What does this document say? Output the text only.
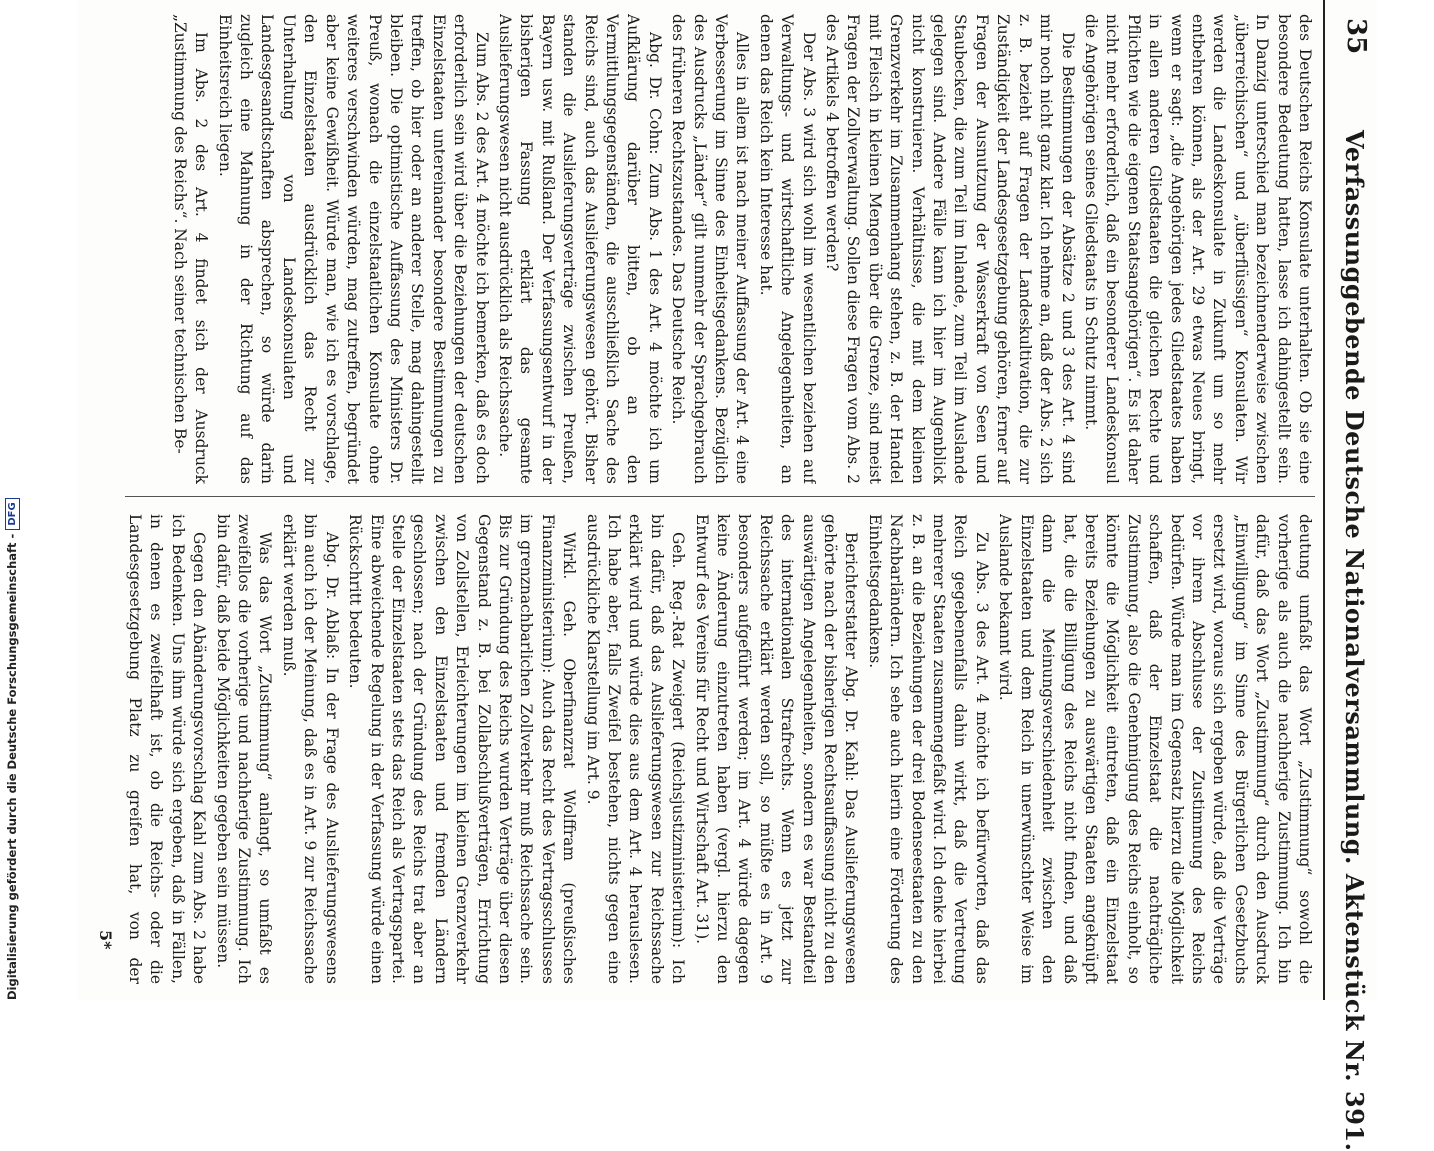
35
Verfassunggebende Deutsche Nationalversammlung. Aktenstück Nr. 391.

des Deutschen Reichs Konsulate unterhalten. Ob sie eine besondere Bedeutung hatten, lasse ich dahingestellt sein. In Danzig unterschied man bezeichnenderweise zwischen „überreichischen“ und „überflüssigen“ Konsulaten. Wir werden die Landeskonsulate in Zukunft um so mehr entbehren können, als der Art. 29 etwas Neues bringt, wenn er sagt: „die Angehörigen jedes Gliedstaates haben in allen anderen Gliedstaaten die gleichen Rechte und Pflichten wie die eigenen Staatsangehörigen“. Es ist daher nicht mehr erforderlich, daß ein besonderer Landeskonsul die Angehörigen seines Gliedstaats in Schutz nimmt.

Die Bestimmungen der Absätze 2 und 3 des Art. 4 sind mir noch nicht ganz klar. Ich nehme an, daß der Abs. 2 sich z. B. bezieht auf Fragen der Landeskultivation, die zur Zuständigkeit der Landesgesetzgebung gehören, ferner auf Fragen der Ausnutzung der Wasserkraft von Seen und Staubecken, die zum Teil im Inlande, zum Teil im Auslande gelegen sind. Andere Fälle kann ich hier im Augenblick nicht konstruieren. Verhältnisse, die mit dem kleinen Grenzverkehr im Zusammenhang stehen, z. B. der Handel mit Fleisch in kleinen Mengen über die Grenze, sind meist Fragen der Zollverwaltung. Sollen diese Fragen vom Abs. 2 des Artikels 4 betroffen werden?

Der Abs. 3 wird sich wohl im wesentlichen beziehen auf Verwaltungs- und wirtschaftliche Angelegenheiten, an denen das Reich kein Interesse hat.

Alles in allem ist nach meiner Auffassung der Art. 4 eine Verbesserung im Sinne des Einheitsgedankens. Bezüglich des Ausdrucks „Länder“ gilt nunmehr der Sprachgebrauch des früheren Rechtszustandes. Das Deutsche Reich.

Abg. Dr. Cohn: Zum Abs. 1 des Art. 4 möchte ich um Aufklärung darüber bitten, ob an den Vermittlungsgegenständen, die ausschließlich Sache des Reichs sind, auch das Auslieferungswesen gehört. Bisher standen die Auslieferungsverträge zwischen Preußen, Bayern usw. mit Rußland. Der Verfassungsentwurf in der bisherigen Fassung erklärt das gesamte Auslieferungswesen nicht ausdrücklich als Reichssache.

Zum Abs. 2 des Art. 4 möchte ich bemerken, daß es doch erforderlich sein wird über die Beziehungen der deutschen Einzelstaaten untereinander besondere Bestimmungen zu treffen, ob hier oder an anderer Stelle, mag dahingestellt bleiben. Die optimistische Auffassung des Ministers Dr. Preuß, wonach die einzelstaatlichen Konsulate ohne weiteres verschwinden würden, mag zutreffen, begründet aber keine Gewißheit. Würde man, wie ich es vorschlage, den Einzelstaaten ausdrücklich das Recht zur Unterhaltung von Landeskonsulaten und Landesgesandtschaften absprechen, so würde darin zugleich eine Mahnung in der Richtung auf das Einheitsreich liegen.

Im Abs. 2 des Art. 4 findet sich der Ausdruck „Zustimmung des Reichs“. Nach seiner technischen Be-

deutung umfaßt das Wort „Zustimmung“ sowohl die vorherige als auch die nachherige Zustimmung. Ich bin dafür, daß das Wort „Zustimmung“ durch den Ausdruck „Einwilligung“ im Sinne des Bürgerlichen Gesetzbuchs ersetzt wird, woraus sich ergeben würde, daß die Verträge vor ihrem Abschlusse der Zustimmung des Reichs bedürfen. Würde man im Gegensatz hierzu die Möglichkeit schaffen, daß der Einzelstaat die nachträgliche Zustimmung, also die Genehmigung des Reichs einholt, so könnte die Möglichkeit eintreten, daß ein Einzelstaat bereits Beziehungen zu auswärtigen Staaten angeknüpft hat, die die Billigung des Reichs nicht finden, und daß dann die Meinungsverschiedenheit zwischen den Einzelstaaten und dem Reich in unerwünschter Weise im Auslande bekannt wird.

Zu Abs. 3 des Art. 4 möchte ich befürworten, daß das Reich gegebenenfalls dahin wirkt, daß die Vertretung mehrerer Staaten zusammengefaßt wird. Ich denke hierbei z. B. an die Beziehungen der drei Bodenseestaaten zu den Nachbarländern. Ich sehe auch hierin eine Förderung des Einheitsgedankens.

Berichterstatter Abg. Dr. Kahl: Das Auslieferungswesen gehörte nach der bisherigen Rechtsauffassung nicht zu den auswärtigen Angelegenheiten, sondern es war Bestandteil des internationalen Strafrechts. Wenn es jetzt zur Reichssache erklärt werden soll, so müßte es in Art. 9 besonders aufgeführt werden; im Art. 4 würde dagegen keine Änderung einzutreten haben (vergl. hierzu den Entwurf des Vereins für Recht und Wirtschaft Art. 31).

Geh. Reg.-Rat Zweigert (Reichsjustizministerium): Ich bin dafür, daß das Auslieferungswesen zur Reichssache erklärt wird und würde dies aus dem Art. 4 herauslesen. Ich habe aber, falls Zweifel bestehen, nichts gegen eine ausdrückliche Klarstellung im Art. 9.

Wirkl. Geh. Oberfinanzrat Wolffram (preußisches Finanzministerium): Auch das Recht des Vertragsschlusses im grenznachbarlichen Zollverkehr muß Reichssache sein. Bis zur Gründung des Reichs wurden Verträge über diesen Gegenstand z. B. bei Zollabschlußverträgen, Errichtung von Zollstellen, Erleichterungen im kleinen Grenzverkehr zwischen den Einzelstaaten und fremden Ländern geschlossen; nach der Gründung des Reichs trat aber an Stelle der Einzelstaaten stets das Reich als Vertragspartei. Eine abweichende Regelung in der Verfassung würde einen Rückschritt bedeuten.

Abg. Dr. Ablaß: In der Frage des Auslieferungswesens bin auch ich der Meinung, daß es in Art. 9 zur Reichssache erklärt werden muß.

Was das Wort „Zustimmung“ anlangt, so umfaßt es zweifellos die vorherige und nachherige Zustimmung. Ich bin dafür, daß beide Möglichkeiten gegeben sein müssen.

Gegen den Abänderungsvorschlag Kahl zum Abs. 2 habe ich Bedenken. Uns ihm würde sich ergeben, daß in Fällen, in denen es zweifelhaft ist, ob die Reichs- oder die Landesgesetzgebung Platz zu greifen hat, von der

5*
Digitalisierung gefördert durch die Deutsche Forschungsgemeinschaft -
DFG
